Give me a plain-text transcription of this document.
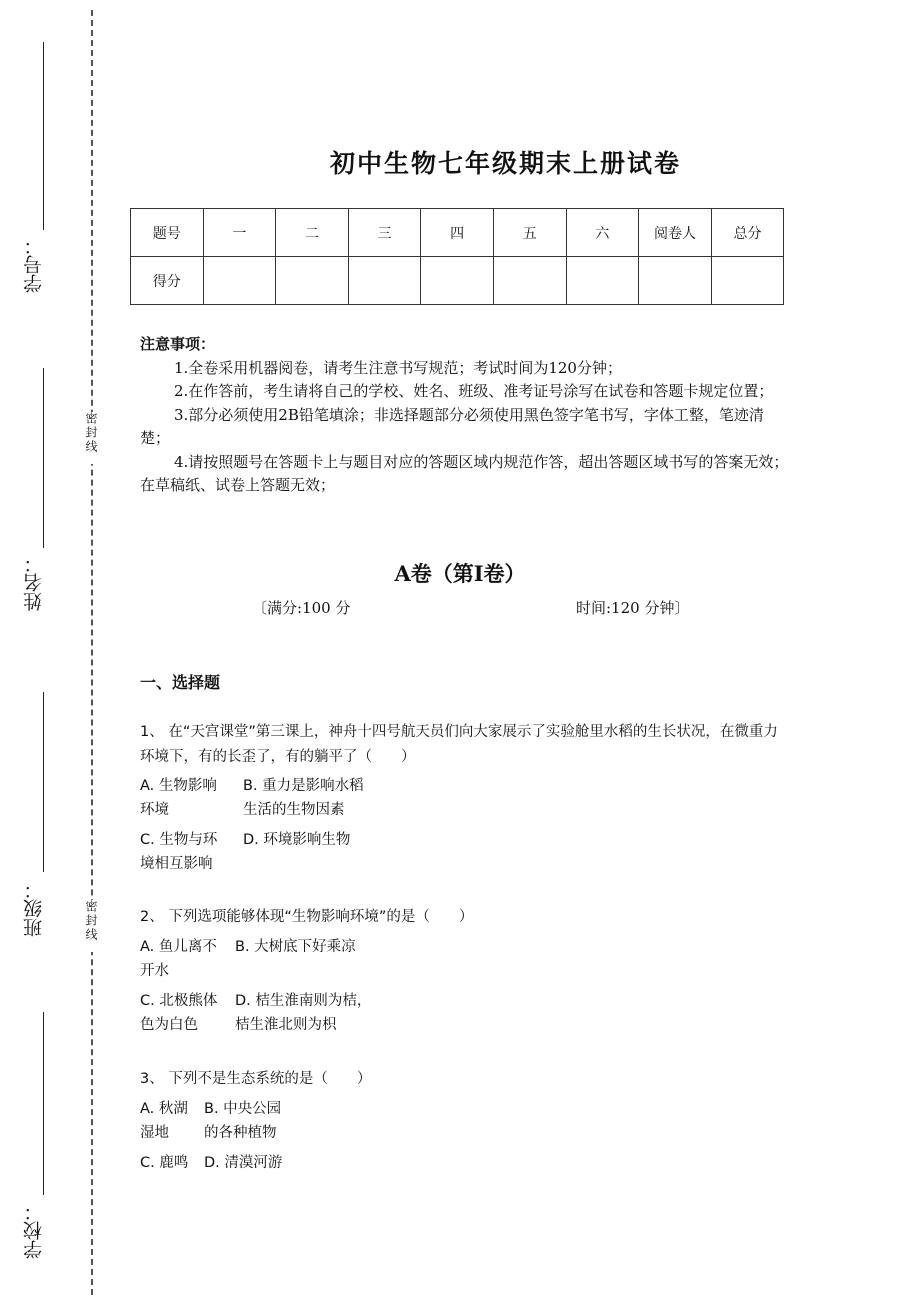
学号：
姓名：
班级：
学校：
密封线
密封线
初中生物七年级期末上册试卷
题号	一	二	三	四	五	六	阅卷人	总分
得分								
注意事项：

1.全卷采用机器阅卷，请考生注意书写规范；考试时间为120分钟；

2.在作答前，考生请将自己的学校、姓名、班级、准考证号涂写在试卷和答题卡规定位置；

3.部分必须使用2B铅笔填涂；非选择题部分必须使用黑色签字笔书写，字体工整，笔迹清楚；

4.请按照题号在答题卡上与题目对应的答题区域内规范作答，超出答题区域书写的答案无效；在草稿纸、试卷上答题无效；

A卷（第I卷）
〔满分:100 分	时间:120 分钟〕
一、选择题
1、 在“天宫课堂”第三课上，神舟十四号航天员们向大家展示了实验舱里水稻的生长状况，在微重力环境下，有的长歪了，有的躺平了（　　）
A. 生物影响
环境
B. 重力是影响水稻
生活的生物因素
C. 生物与环
境相互影响
D. 环境影响生物
2、 下列选项能够体现“生物影响环境”的是（　　）
A. 鱼儿离不
开水
B. 大树底下好乘凉
C. 北极熊体
色为白色
D. 桔生淮南则为桔，
桔生淮北则为枳
3、 下列不是生态系统的是（　　）
A. 秋湖
湿地
B. 中央公园
的各种植物
C. 鹿鸣 D. 清漠河游
